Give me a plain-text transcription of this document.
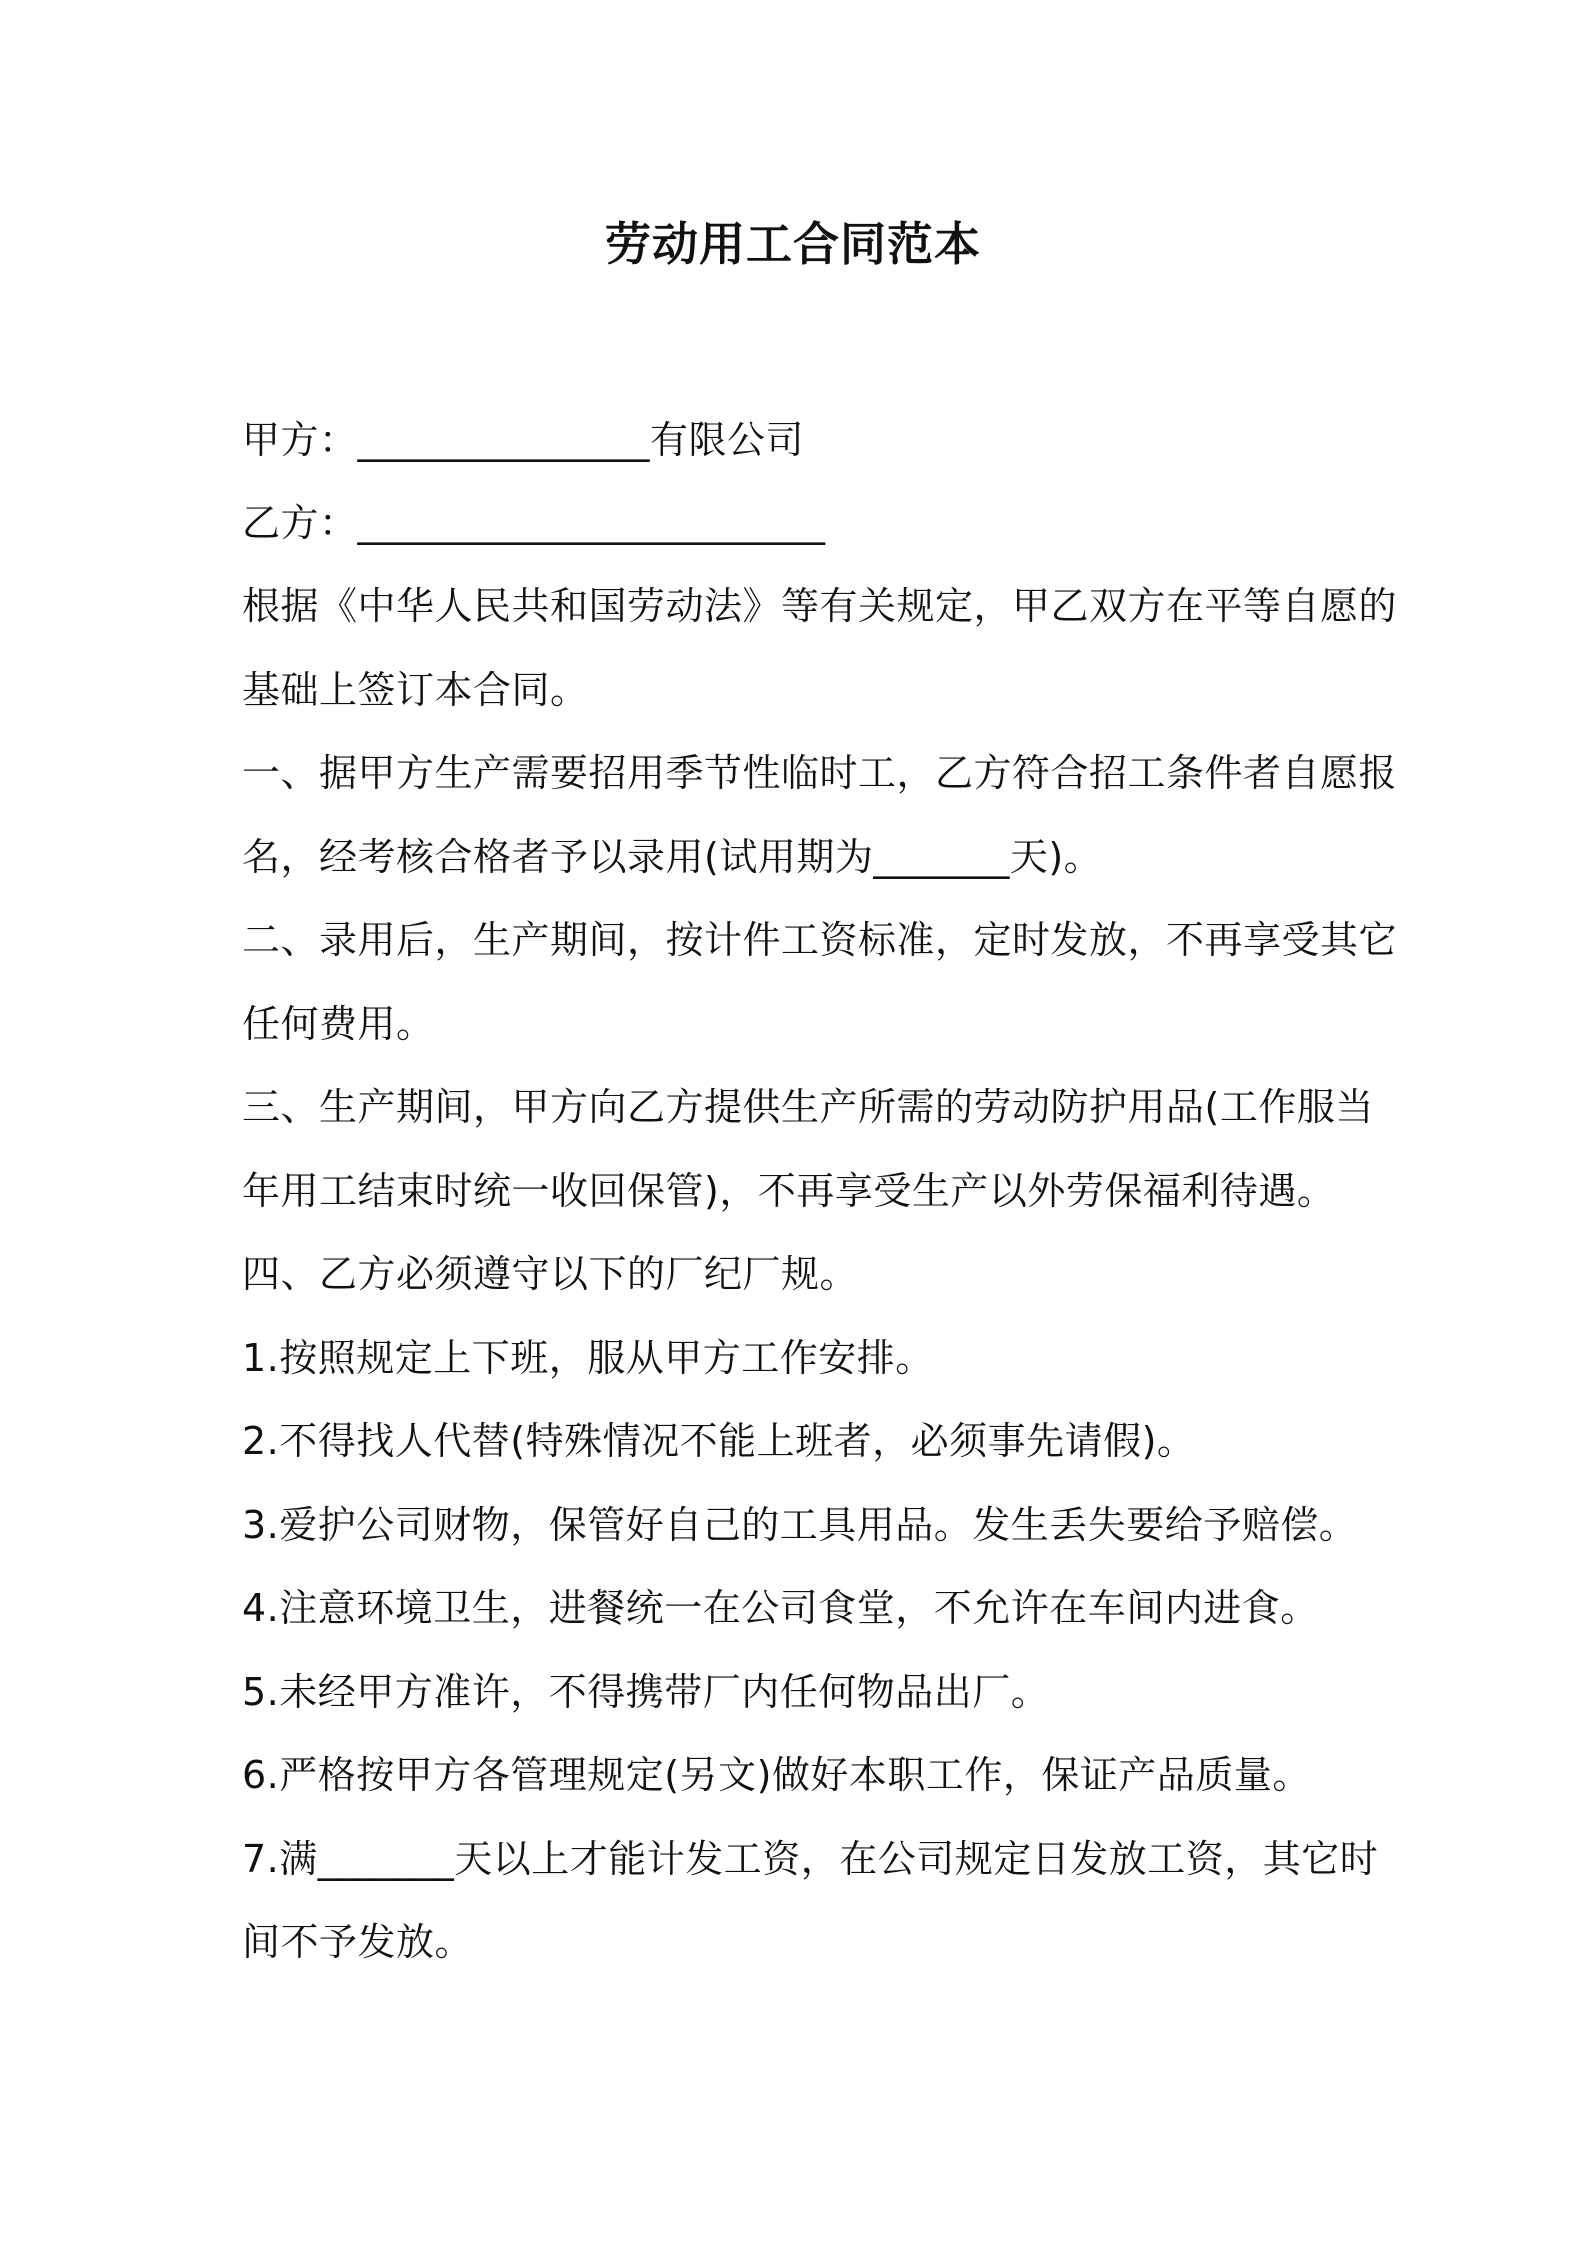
劳动用工合同范本
甲方：_______________有限公司
乙方：________________________
根据《中华人民共和国劳动法》等有关规定，甲乙双方在平等自愿的
基础上签订本合同。
一、据甲方生产需要招用季节性临时工，乙方符合招工条件者自愿报
名，经考核合格者予以录用(试用期为_______天)。
二、录用后，生产期间，按计件工资标准，定时发放，不再享受其它
任何费用。
三、生产期间，甲方向乙方提供生产所需的劳动防护用品(工作服当
年用工结束时统一收回保管)，不再享受生产以外劳保福利待遇。
四、乙方必须遵守以下的厂纪厂规。
1.按照规定上下班，服从甲方工作安排。
2.不得找人代替(特殊情况不能上班者，必须事先请假)。
3.爱护公司财物，保管好自己的工具用品。发生丢失要给予赔偿。
4.注意环境卫生，进餐统一在公司食堂，不允许在车间内进食。
5.未经甲方准许，不得携带厂内任何物品出厂。
6.严格按甲方各管理规定(另文)做好本职工作，保证产品质量。
7.满_______天以上才能计发工资，在公司规定日发放工资，其它时
间不予发放。
